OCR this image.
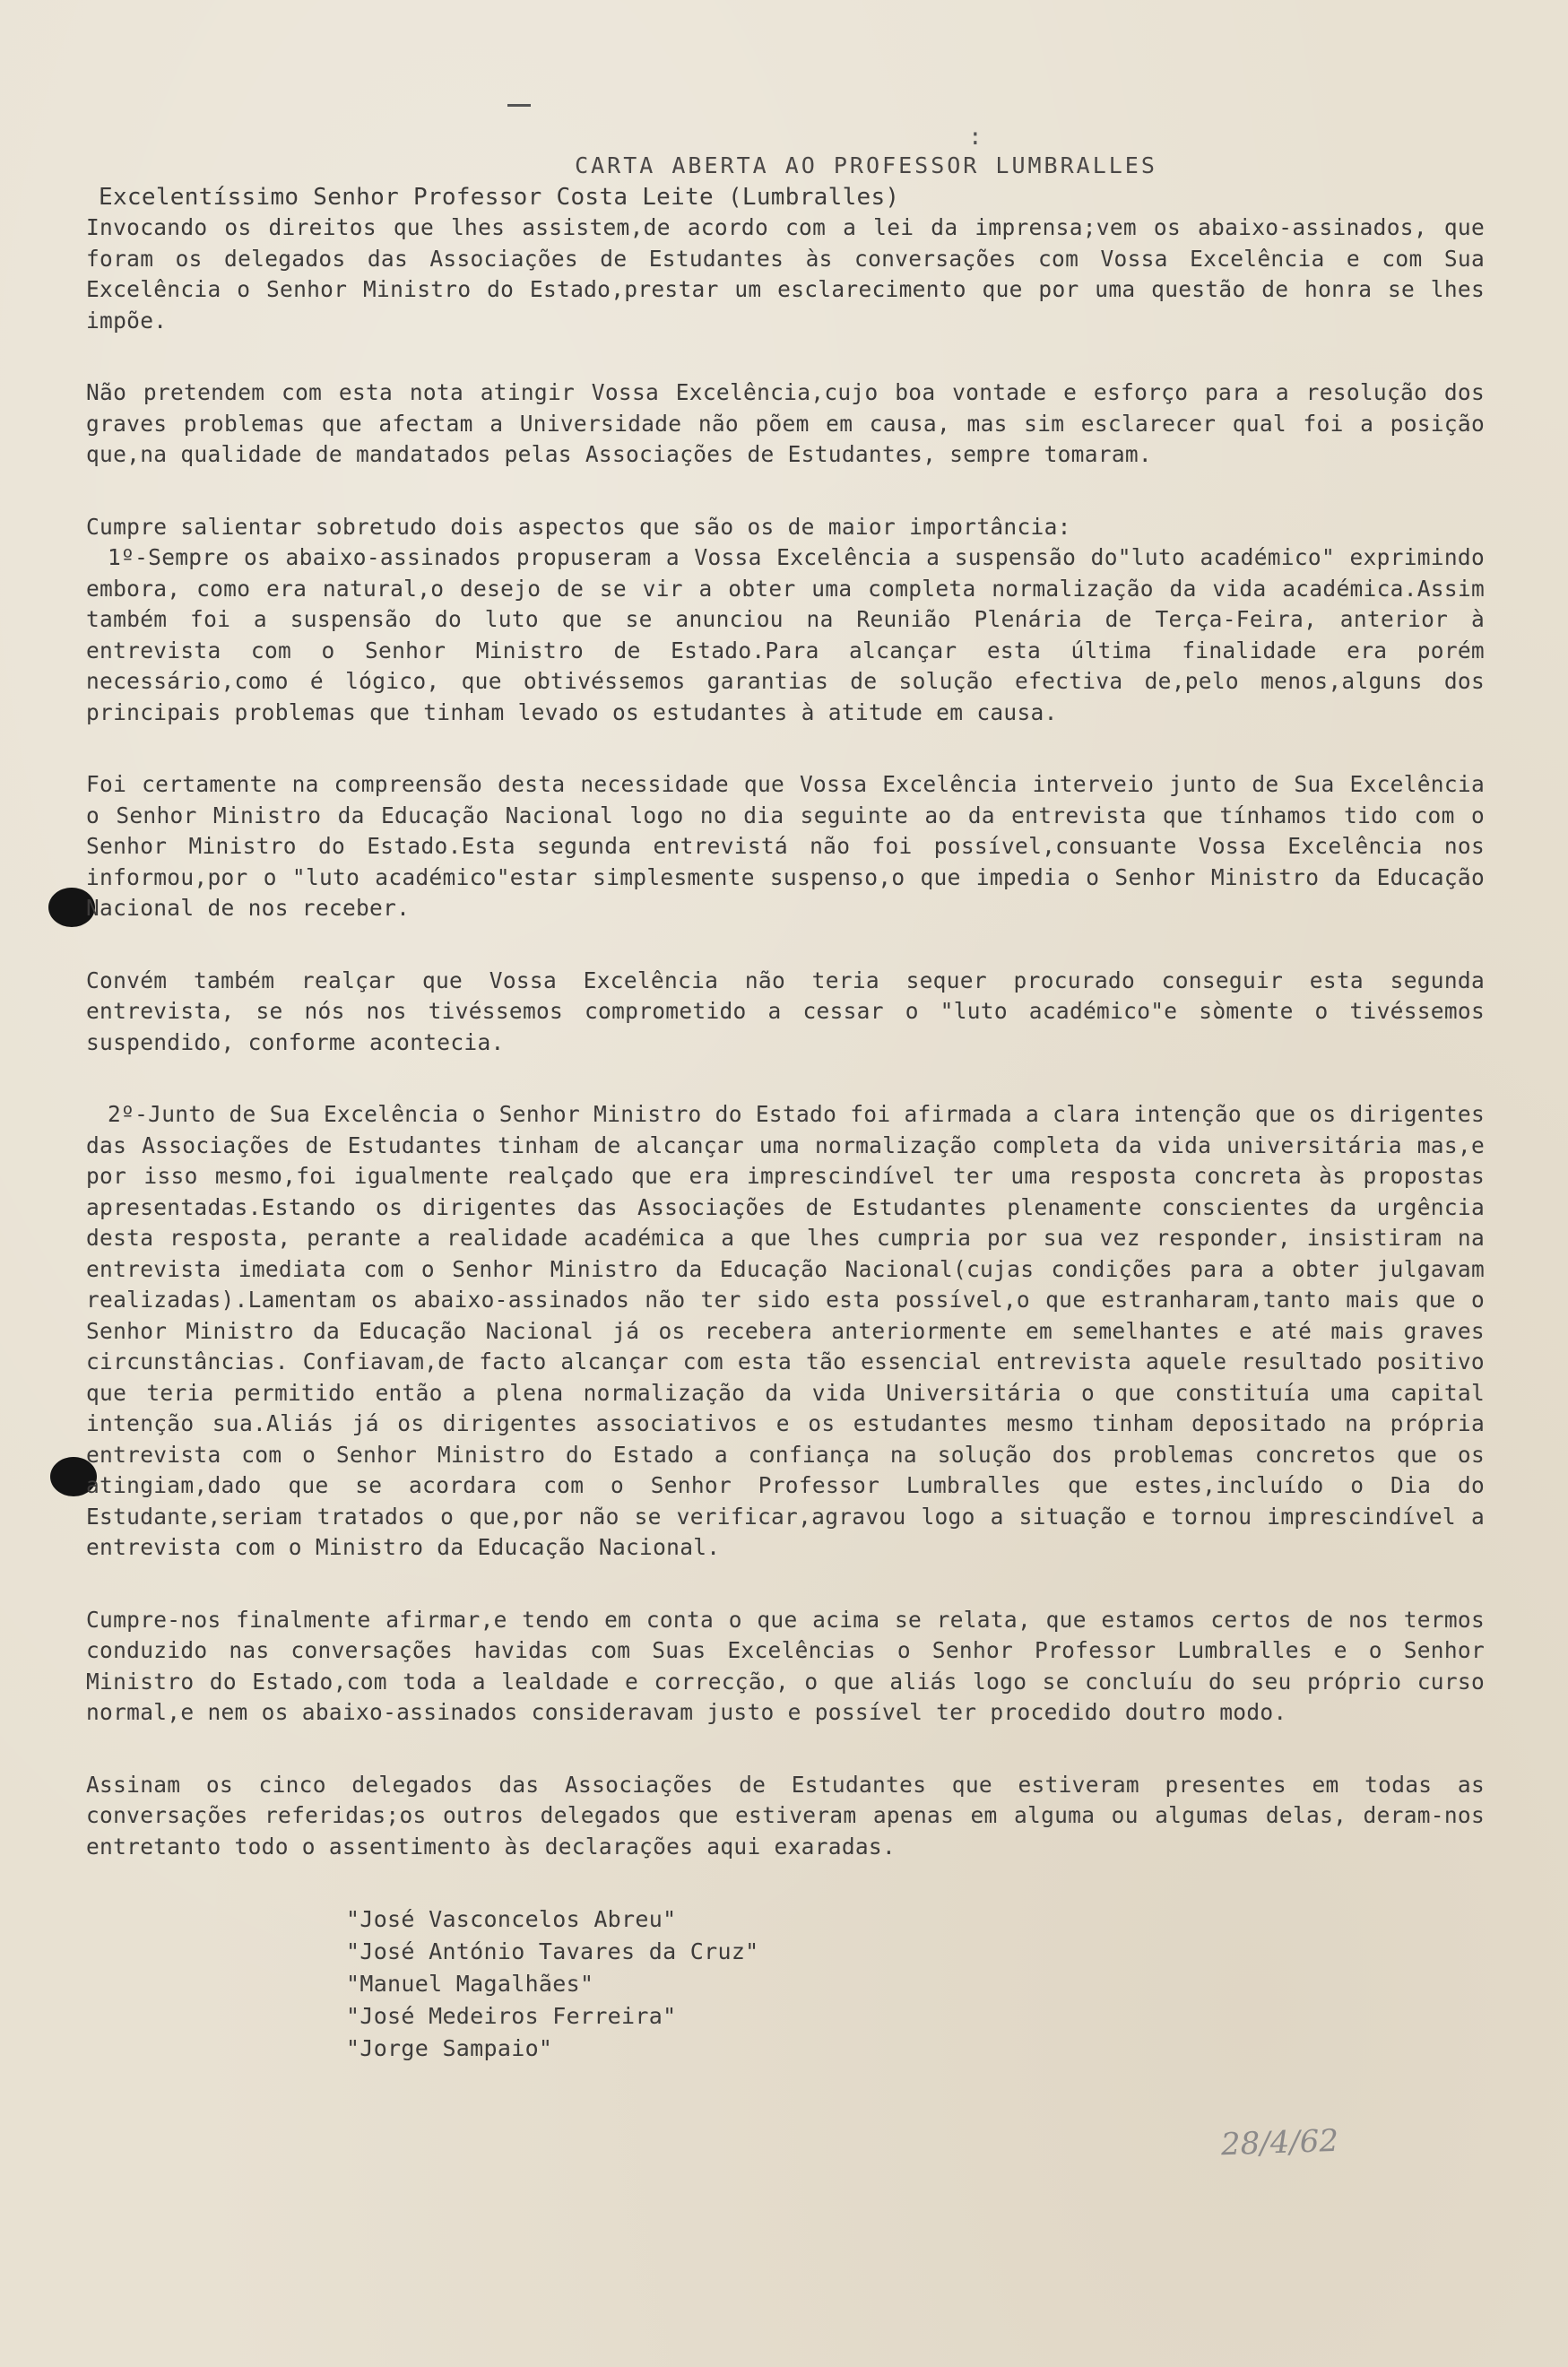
:

CARTA ABERTA AO PROFESSOR LUMBRALLES

Excelentíssimo Senhor Professor Costa Leite (Lumbralles)

Invocando os direitos que lhes assistem,de acordo com a lei da imprensa;vem os abaixo-assinados, que foram os delegados das Associações de Estudantes às conversações com Vossa Excelência e com Sua Excelência o Senhor Ministro do Estado,prestar um esclarecimento que por uma questão de honra se lhes impõe.

Não pretendem com esta nota atingir Vossa Excelência,cujo boa vontade e esforço para a resolução dos graves problemas que afectam a Universidade não põem em causa, mas sim esclarecer qual foi a posição que,na qualidade de mandatados pelas Associações de Estudantes, sempre tomaram.

Cumpre salientar sobretudo dois aspectos que são os de maior importância:

1º-Sempre os abaixo-assinados propuseram a Vossa Excelência a suspensão do"luto académico" exprimindo embora, como era natural,o desejo de se vir a obter uma completa normalização da vida académica.Assim também foi a suspensão do luto que se anunciou na Reunião Plenária de Terça-Feira, anterior à entrevista com o Senhor Ministro de Estado.Para alcançar esta última finalidade era porém necessário,como é lógico, que obtivéssemos garantias de solução efectiva de,pelo menos,alguns dos principais problemas que tinham levado os estudantes à atitude em causa.

Foi certamente na compreensão desta necessidade que Vossa Excelência interveio junto de Sua Excelência o Senhor Ministro da Educação Nacional logo no dia seguinte ao da entrevista que tínhamos tido com o Senhor Ministro do Estado.Esta segunda entrevistá não foi possível,consuante Vossa Excelência nos informou,por o "luto académico"estar simplesmente suspenso,o que impedia o Senhor Ministro da Educação Nacional de nos receber.

Convém também realçar que Vossa Excelência não teria sequer procurado conseguir esta segunda entrevista, se nós nos tivéssemos comprometido a cessar o "luto académico"e sòmente o tivéssemos suspendido, conforme acontecia.

2º-Junto de Sua Excelência o Senhor Ministro do Estado foi afirmada a clara intenção que os dirigentes das Associações de Estudantes tinham de alcançar uma normalização completa da vida universitária mas,e por isso mesmo,foi igualmente realçado que era imprescindível ter uma resposta concreta às propostas apresentadas.Estando os dirigentes das Associações de Estudantes plenamente conscientes da urgência desta resposta, perante a realidade académica a que lhes cumpria por sua vez responder, insistiram na entrevista imediata com o Senhor Ministro da Educação Nacional(cujas condições para a obter julgavam realizadas).Lamentam os abaixo-assinados não ter sido esta possível,o que estranharam,tanto mais que o Senhor Ministro da Educação Nacional já os recebera anteriormente em semelhantes e até mais graves circunstâncias. Confiavam,de facto alcançar com esta tão essencial entrevista aquele resultado positivo que teria permitido então a plena normalização da vida Universitária o que constituía uma capital intenção sua.Aliás já os dirigentes associativos e os estudantes mesmo tinham depositado na própria entrevista com o Senhor Ministro do Estado a confiança na solução dos problemas concretos que os atingiam,dado que se acordara com o Senhor Professor Lumbralles que estes,incluído o Dia do Estudante,seriam tratados o que,por não se verificar,agravou logo a situação e tornou imprescindível a entrevista com o Ministro da Educação Nacional.

Cumpre-nos finalmente afirmar,e tendo em conta o que acima se relata, que estamos certos de nos termos conduzido nas conversações havidas com Suas Excelências o Senhor Professor Lumbralles e o Senhor Ministro do Estado,com toda a lealdade e correcção, o que aliás logo se concluíu do seu próprio curso normal,e nem os abaixo-assinados consideravam justo e possível ter procedido doutro modo.

Assinam os cinco delegados das Associações de Estudantes que estiveram presentes em todas as conversações referidas;os outros delegados que estiveram apenas em alguma ou algumas delas, deram-nos entretanto todo o assentimento às declarações aqui exaradas.

"José Vasconcelos Abreu"
"José António Tavares da Cruz"
"Manuel Magalhães"
"José Medeiros Ferreira"
"Jorge Sampaio"
28/4/62
